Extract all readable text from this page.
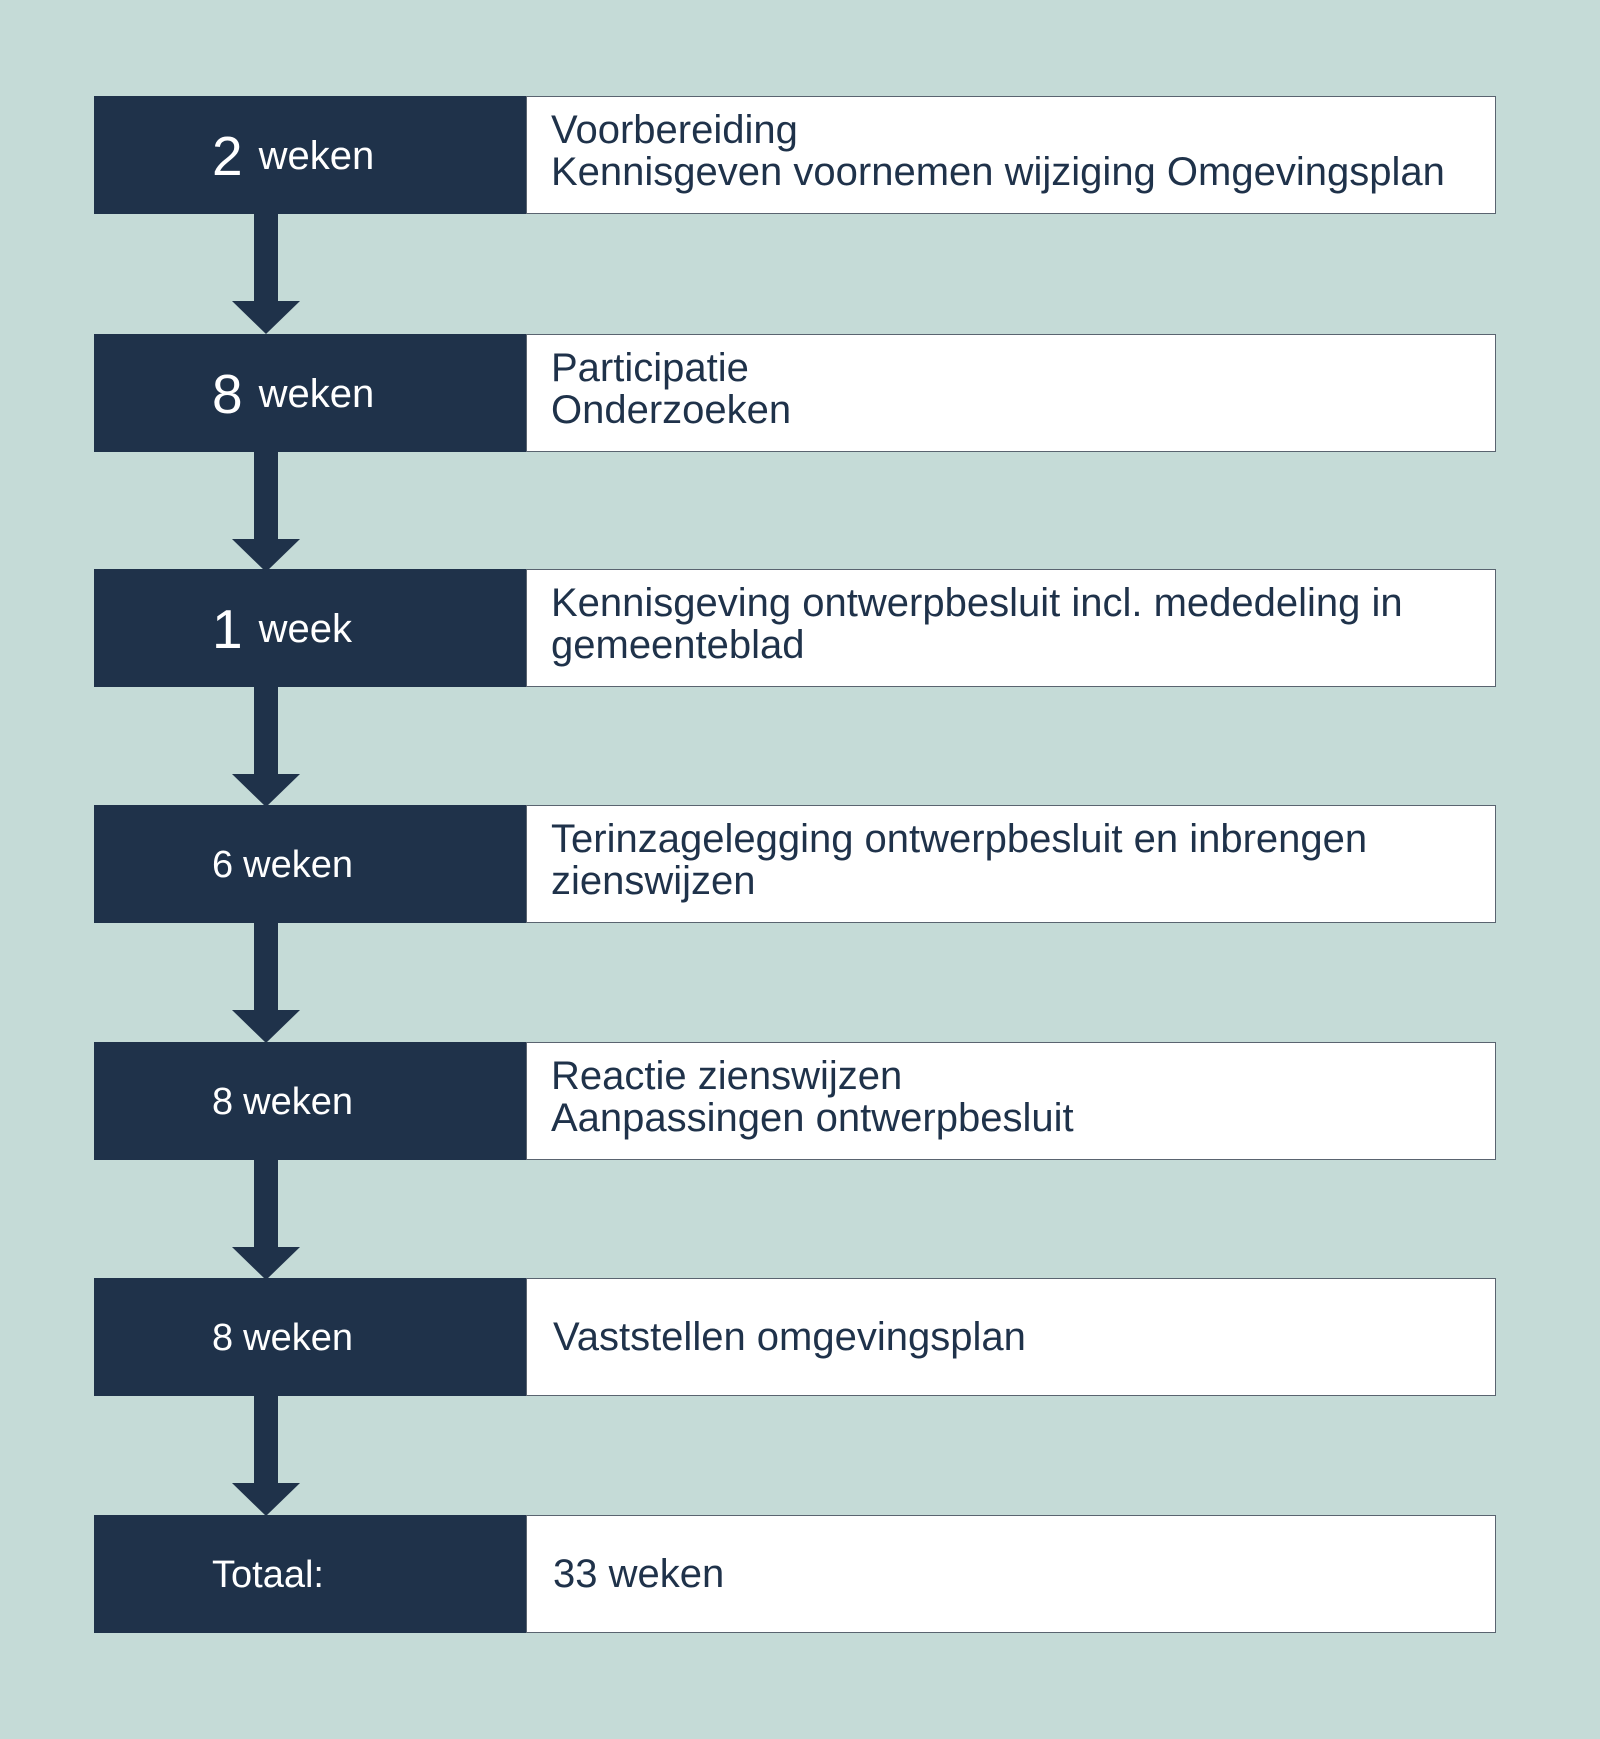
2 weken
Voorbereiding
Kennisgeven voornemen wijziging Omgevingsplan
8 weken
Participatie
Onderzoeken
1 week
Kennisgeving ontwerpbesluit incl. mededeling in
gemeenteblad
6 weken
Terinzagelegging ontwerpbesluit en inbrengen
zienswijzen
8 weken
Reactie zienswijzen
Aanpassingen ontwerpbesluit
8 weken	Vaststellen omgevingsplan
Totaal:	33 weken
